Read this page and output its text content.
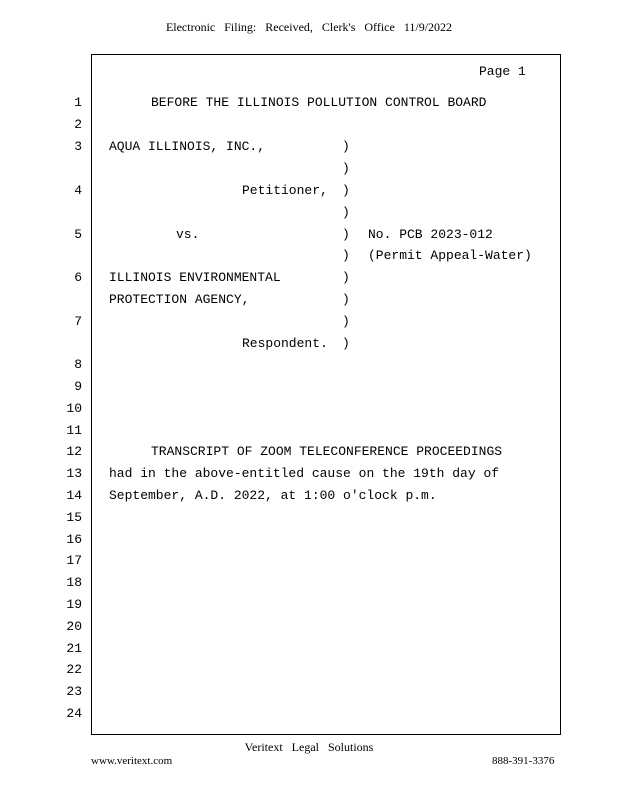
Electronic Filing: Received, Clerk's Office 11/9/2022
Page 1
1
2
3
4
5
6
7
8
9
10
11
12
13
14
15
16
17
18
19
20
21
22
23
24
BEFORE THE ILLINOIS POLLUTION CONTROL BOARD
AQUA ILLINOIS, INC.,	)
)
Petitioner, )
)
vs.	) No. PCB 2023-012
) (Permit Appeal-Water)
ILLINOIS ENVIRONMENTAL	)
PROTECTION AGENCY,	)
)
Respondent. )
TRANSCRIPT OF ZOOM TELECONFERENCE PROCEEDINGS
had in the above-entitled cause on the 19th day of
September, A.D. 2022, at 1:00 o'clock p.m.
Veritext Legal Solutions
www.veritext.com	888-391-3376
